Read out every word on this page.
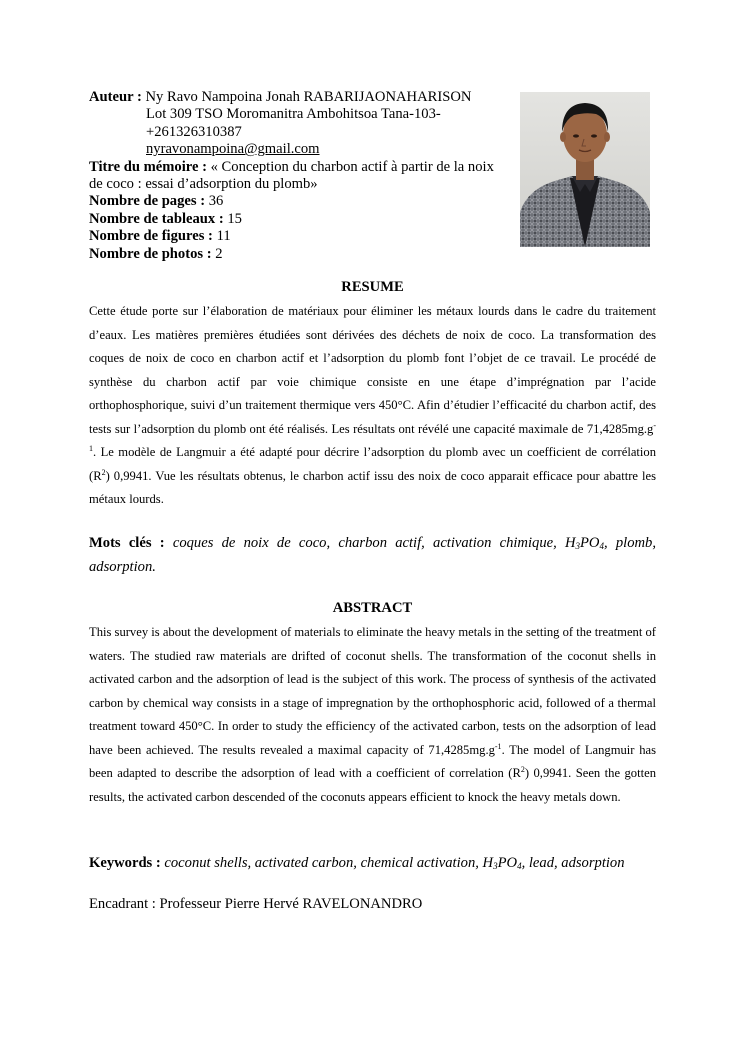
Auteur : Ny Ravo Nampoina Jonah RABARIJAONAHARISON
Lot 309 TSO Moromanitra Ambohitsoa Tana-103-
+261326310387
nyravonampoina@gmail.com
Titre du mémoire : « Conception du charbon actif à partir de la noix
de coco : essai d’adsorption du plomb»
Nombre de pages : 36
Nombre de tableaux : 15
Nombre de figures : 11
Nombre de photos : 2
RESUME
Cette étude porte sur l’élaboration de matériaux pour éliminer les métaux lourds dans le cadre du traitement d’eaux. Les matières premières étudiées sont dérivées des déchets de noix de coco. La transformation des coques de noix de coco en charbon actif et l’adsorption du plomb font l’objet de ce travail. Le procédé de synthèse du charbon actif par voie chimique consiste en une étape d’imprégnation par l’acide orthophosphorique, suivi d’un traitement thermique vers 450°C. Afin d’étudier l’efficacité du charbon actif, des tests sur l’adsorption du plomb ont été réalisés. Les résultats ont révélé une capacité maximale de $71,4285mg.g^{-1}$. Le modèle de Langmuir a été adapté pour décrire l’adsorption du plomb avec un coefficient de corrélation $(R^2)$ 0,9941. Vue les résultats obtenus, le charbon actif issu des noix de coco apparait efficace pour abattre les métaux lourds.
Mots clés : coques de noix de coco, charbon actif, activation chimique, $H_3PO_4$, plomb, adsorption.
ABSTRACT
This survey is about the development of materials to eliminate the heavy metals in the setting of the treatment of waters. The studied raw materials are drifted of coconut shells. The transformation of the coconut shells in activated carbon and the adsorption of lead is the subject of this work. The process of synthesis of the activated carbon by chemical way consists in a stage of impregnation by the orthophosphoric acid, followed of a thermal treatment toward 450°C. In order to study the efficiency of the activated carbon, tests on the adsorption of lead have been achieved. The results revealed a maximal capacity of $71,4285mg.g^{-1}$. The model of Langmuir has been adapted to describe the adsorption of lead with a coefficient of correlation $(R^2)$ 0,9941. Seen the gotten results, the activated carbon descended of the coconuts appears efficient to knock the heavy metals down.
Keywords : coconut shells, activated carbon, chemical activation, $H_3PO_4$, lead, adsorption
Encadrant : Professeur Pierre Hervé RAVELONANDRO
